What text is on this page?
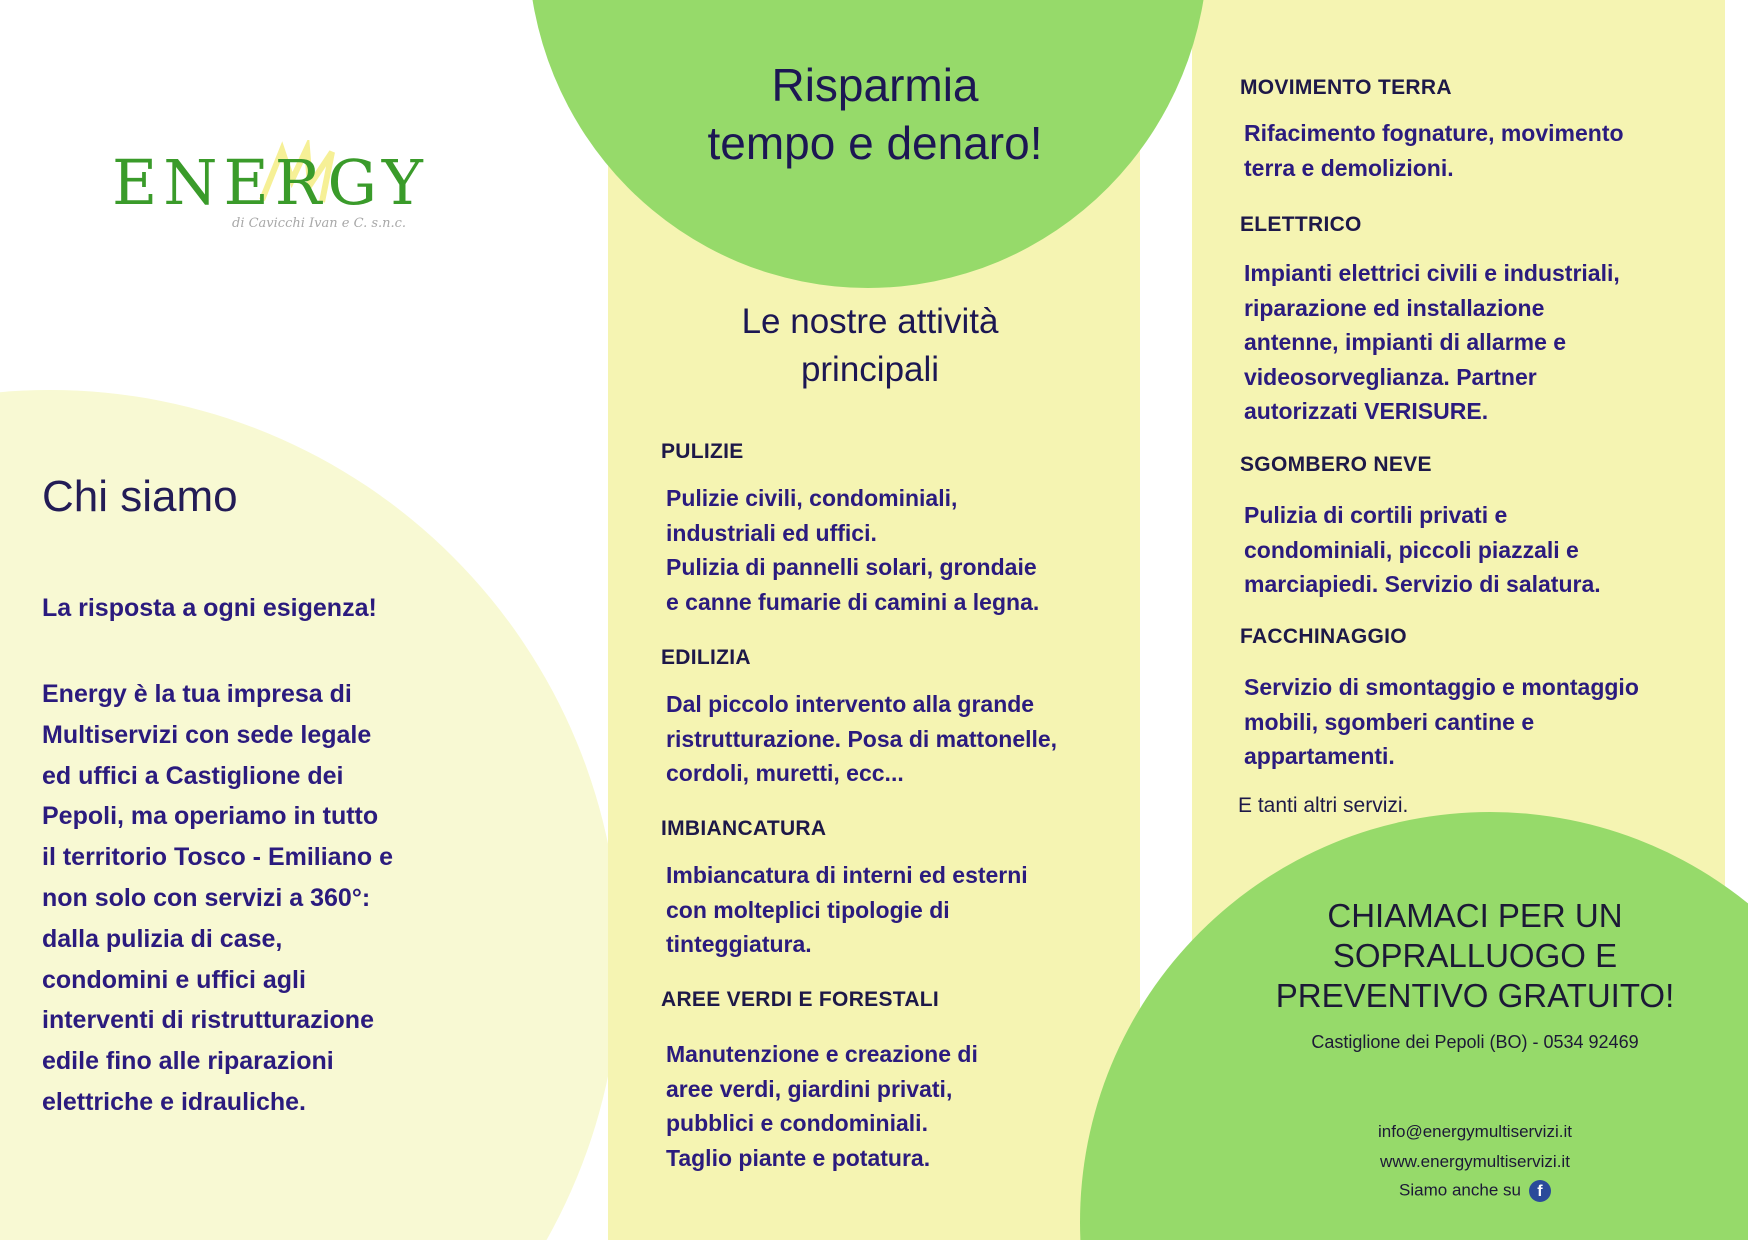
ENERGY
di Cavicchi Ivan e C. s.n.c.
Chi siamo
La risposta a ogni esigenza!
Energy è la tua impresa di
Multiservizi con sede legale
ed uffici a Castiglione dei
Pepoli, ma operiamo in tutto
il territorio Tosco - Emiliano e
non solo con servizi a 360°:
dalla pulizia di case,
condomini e uffici agli
interventi di ristrutturazione
edile fino alle riparazioni
elettriche e idrauliche.
Risparmia
tempo e denaro!
Le nostre attività
principali
PULIZIE
Pulizie civili, condominiali,
industriali ed uffici.
Pulizia di pannelli solari, grondaie
e canne fumarie di camini a legna.
EDILIZIA
Dal piccolo intervento alla grande
ristrutturazione. Posa di mattonelle,
cordoli, muretti, ecc...
IMBIANCATURA
Imbiancatura di interni ed esterni
con molteplici tipologie di
tinteggiatura.
AREE VERDI E FORESTALI
Manutenzione e creazione di
aree verdi, giardini privati,
pubblici e condominiali.
Taglio piante e potatura.
MOVIMENTO TERRA
Rifacimento fognature, movimento
terra e demolizioni.
ELETTRICO
Impianti elettrici civili e industriali,
riparazione ed installazione
antenne, impianti di allarme e
videosorveglianza. Partner
autorizzati VERISURE.
SGOMBERO NEVE
Pulizia di cortili privati e
condominiali, piccoli piazzali e
marciapiedi. Servizio di salatura.
FACCHINAGGIO
Servizio di smontaggio e montaggio
mobili, sgomberi cantine e
appartamenti.
E tanti altri servizi.
CHIAMACI PER UN
SOPRALLUOGO E
PREVENTIVO GRATUITO!
Castiglione dei Pepoli (BO) - 0534 92469
info@energymultiservizi.it
www.energymultiservizi.it
Siamo anche su f
